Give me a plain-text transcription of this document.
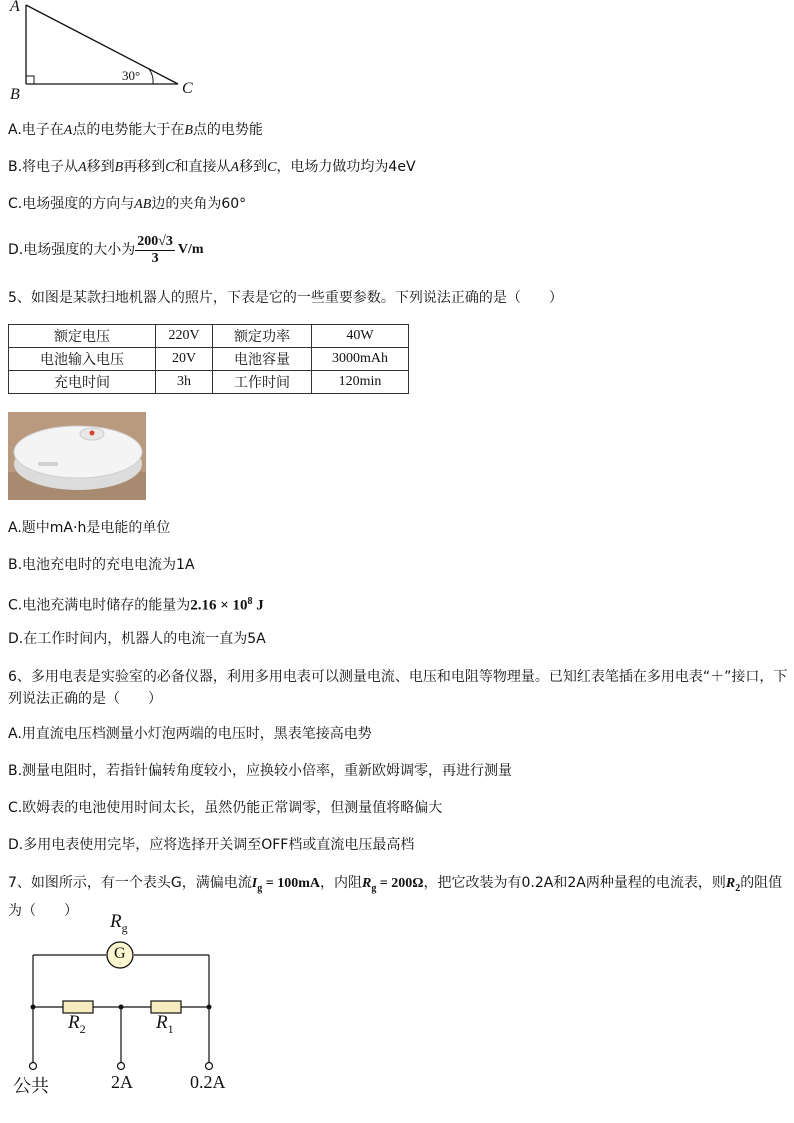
A
B	C
30°
A.电子在A点的电势能大于在B点的电势能
B.将电子从A移到B再移到C和直接从A移到C，电场力做功均为4eV
C.电场强度的方向与AB边的夹角为60°
D.电场强度的大小为 $\frac{200√3}{3} V/m$
5、如图是某款扫地机器人的照片，下表是它的一些重要参数。下列说法正确的是（　　）
额定电压	220V	额定功率	40W
电池输入电压	20V	电池容量	3000mAh
充电时间	3h	工作时间	120min
A.题中mA·h是电能的单位
B.电池充电时的充电电流为1A
C.电池充满电时储存的能量为$2.16 \times 10^8$ J
D.在工作时间内，机器人的电流一直为5A
6、多用电表是实验室的必备仪器，利用多用电表可以测量电流、电压和电阻等物理量。已知红表笔插在多用电表“＋”接口，下列说法正确的是（　　）
A.用直流电压档测量小灯泡两端的电压时，黑表笔接高电势
B.测量电阻时，若指针偏转角度较小，应换较小倍率，重新欧姆调零，再进行测量
C.欧姆表的电池使用时间太长，虽然仍能正常调零，但测量值将略偏大
D.多用电表使用完毕，应将选择开关调至OFF档或直流电压最高档
7、如图所示，有一个表头G，满偏电流$I_g = 100mA$，内阻$R_g = 200\Omega$，把它改装为有0.2A和2A两种量程的电流表，则$R_2$的阻值为（　　）
G
$R_g$
$R_2$	$R_1$
公共	2A	0.2A
